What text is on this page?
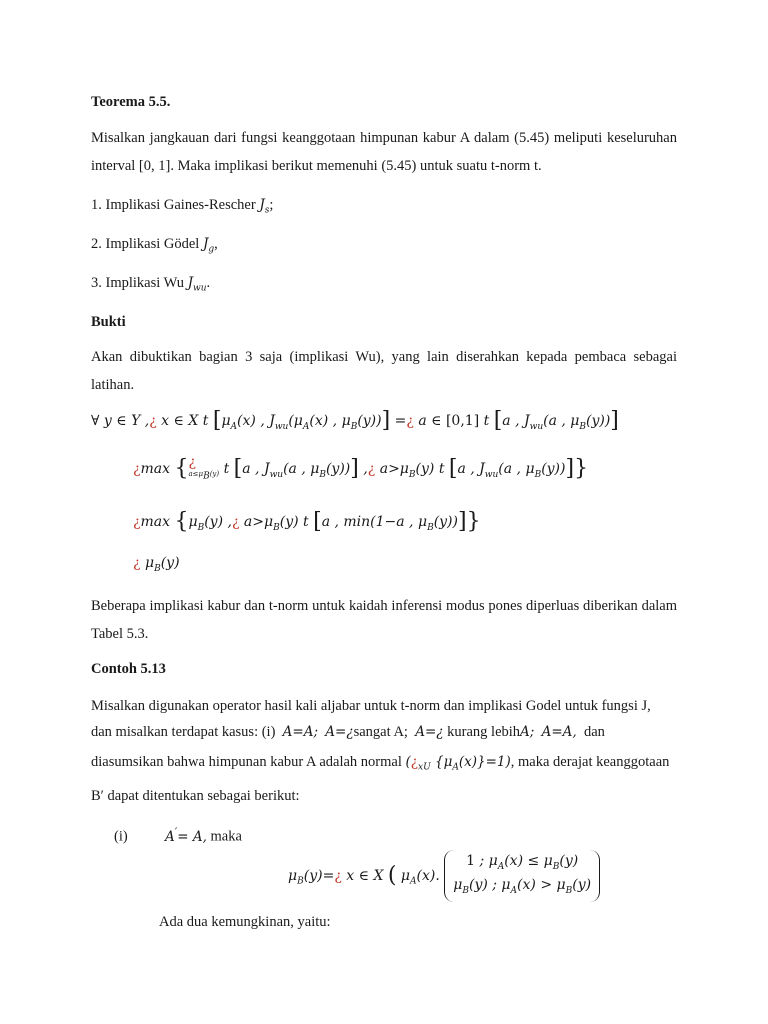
Teorema 5.5.
Misalkan jangkauan dari fungsi keanggotaan himpunan kabur A dalam (5.45) meliputi keseluruhan interval [0, 1]. Maka implikasi berikut memenuhi (5.45) untuk suatu t-norm t.
1. Implikasi Gaines-Rescher $J_s$;
2. Implikasi Gödel $J_g$,
3. Implikasi Wu $J_{wu}$.
Bukti
Akan dibuktikan bagian 3 saja (implikasi Wu), yang lain diserahkan kepada pembaca sebagai latihan.
∀ y ∈ Y ,¿ x ∈ X t [$\mu_A(x)$ , $J_{wu}(\mu_A(x)$ , $\mu_B(y)$)] =¿ a ∈ [0,1] t [a , $J_{wu}(a$ , $\mu_B(y)$)]
¿max {¿
$a\le\mu_B(y)$ t [a , $J_{wu}(a$ , $\mu_B(y)$)] ,¿ $a>\mu_B(y)$ t [a , $J_{wu}(a$ , $\mu_B(y)$)]}
¿max {$\mu_B(y)$ ,¿ $a>\mu_B(y)$ t [a , min(1−a , $\mu_B(y)$)]}
¿ $\mu_B(y)$
Beberapa implikasi kabur dan t-norm untuk kaidah inferensi modus pones diperluas diberikan dalam Tabel 5.3.
Contoh 5.13
Misalkan digunakan operator hasil kali aljabar untuk t-norm dan implikasi Godel untuk fungsi J,
dan misalkan terdapat kasus: (i) A=A; A=¿sangat A; A=¿ kurang lebihA; A=A, dan
diasumsikan bahwa himpunan kabur A adalah normal (¿$_{xU}$ $\{\mu_A(x)\}=1$), maka derajat keanggotaan
B′ dapat ditentukan sebagai berikut:
(i)	A′= A, maka
$\mu_B(y)=¿$ x ∈ X ( $\mu_A(x)$. 1 ; $\mu_A(x) \le \mu_B(y)$
$\mu_B(y)$ ; $\mu_A(x) > \mu_B(y)$
Ada dua kemungkinan, yaitu:
